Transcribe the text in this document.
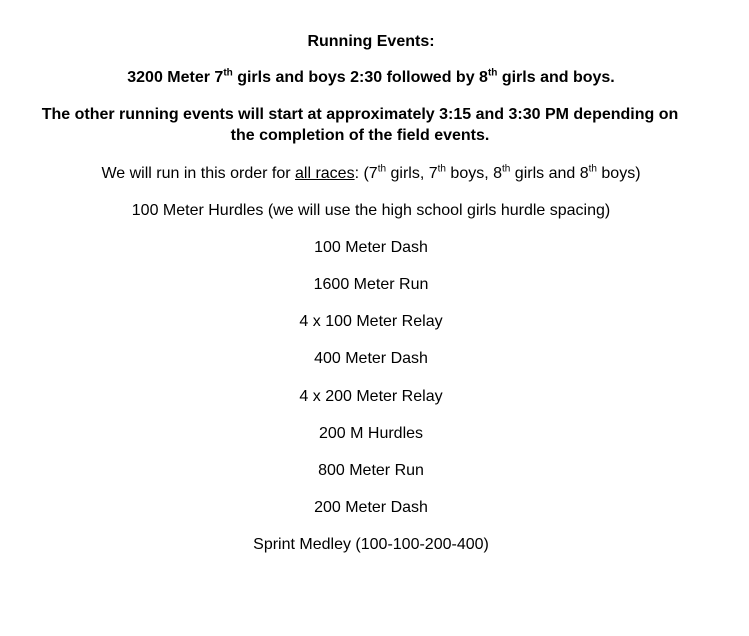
Running Events:
3200 Meter 7th girls and boys 2:30 followed by 8th girls and boys.
The other running events will start at approximately 3:15 and 3:30 PM depending on the completion of the field events.
We will run in this order for all races: (7th girls, 7th boys, 8th girls and 8th boys)
100 Meter Hurdles (we will use the high school girls hurdle spacing)
100 Meter Dash
1600 Meter Run
4 x 100 Meter Relay
400 Meter Dash
4 x 200 Meter Relay
200 M Hurdles
800 Meter Run
200 Meter Dash
Sprint Medley (100-100-200-400)
